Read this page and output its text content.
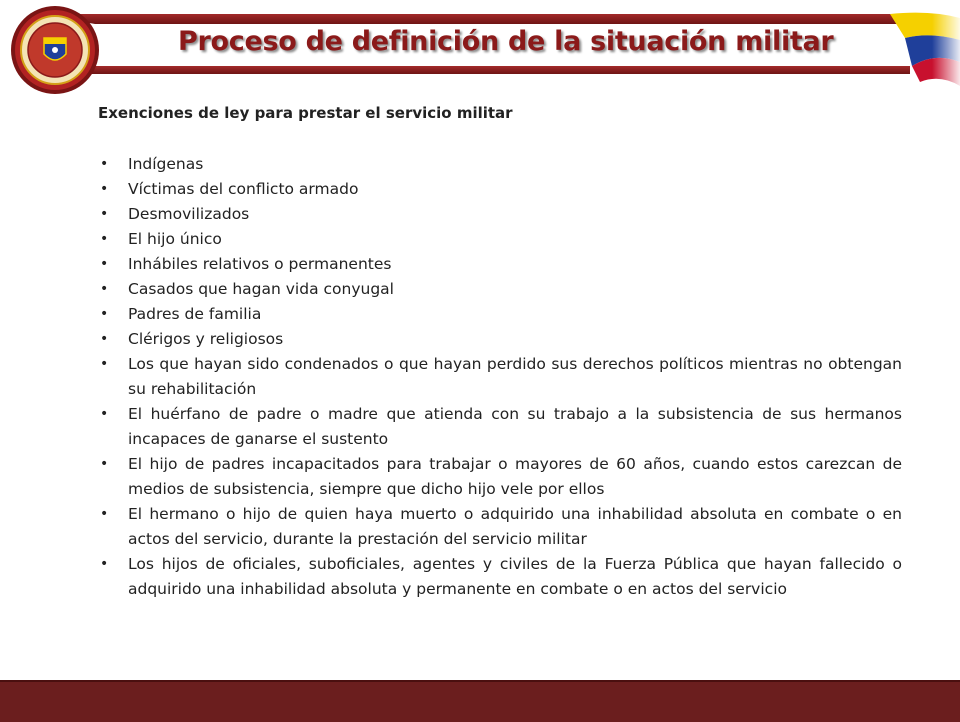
Proceso de definición de la situación militar

Exenciones de ley para prestar el servicio militar

• Indígenas
• Víctimas del conflicto armado
• Desmovilizados
• El hijo único
• Inhábiles relativos o permanentes
• Casados que hagan vida conyugal
• Padres de familia
• Clérigos y religiosos
• Los que hayan sido condenados o que hayan perdido sus derechos políticos mientras no obtengan su rehabilitación
• El huérfano de padre o madre que atienda con su trabajo a la subsistencia de sus hermanos incapaces de ganarse el sustento
• El hijo de padres incapacitados para trabajar o mayores de 60 años, cuando estos carezcan de medios de subsistencia, siempre que dicho hijo vele por ellos
• El hermano o hijo de quien haya muerto o adquirido una inhabilidad absoluta en combate o en actos del servicio, durante la prestación del servicio militar
• Los hijos de oficiales, suboficiales, agentes y civiles de la Fuerza Pública que hayan fallecido o adquirido una inhabilidad absoluta y permanente en combate o en actos del servicio
